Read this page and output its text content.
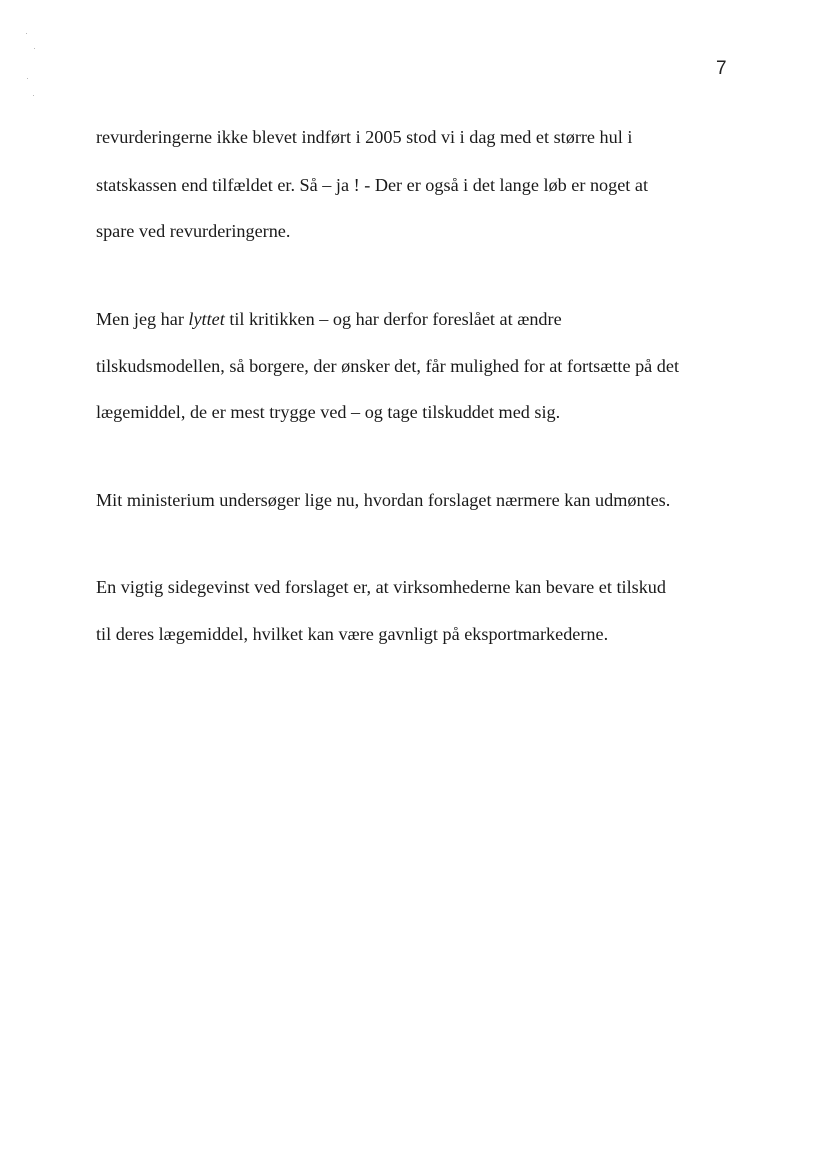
7
revurderingerne ikke blevet indført i 2005 stod vi i dag med et større hul i
statskassen end tilfældet er. Så – ja ! - Der er også i det lange løb er noget at
spare ved revurderingerne.
Men jeg har lyttet til kritikken – og har derfor foreslået at ændre
tilskudsmodellen, så borgere, der ønsker det, får mulighed for at fortsætte på det
lægemiddel, de er mest trygge ved – og tage tilskuddet med sig.
Mit ministerium undersøger lige nu, hvordan forslaget nærmere kan udmøntes.
En vigtig sidegevinst ved forslaget er, at virksomhederne kan bevare et tilskud
til deres lægemiddel, hvilket kan være gavnligt på eksportmarkederne.
